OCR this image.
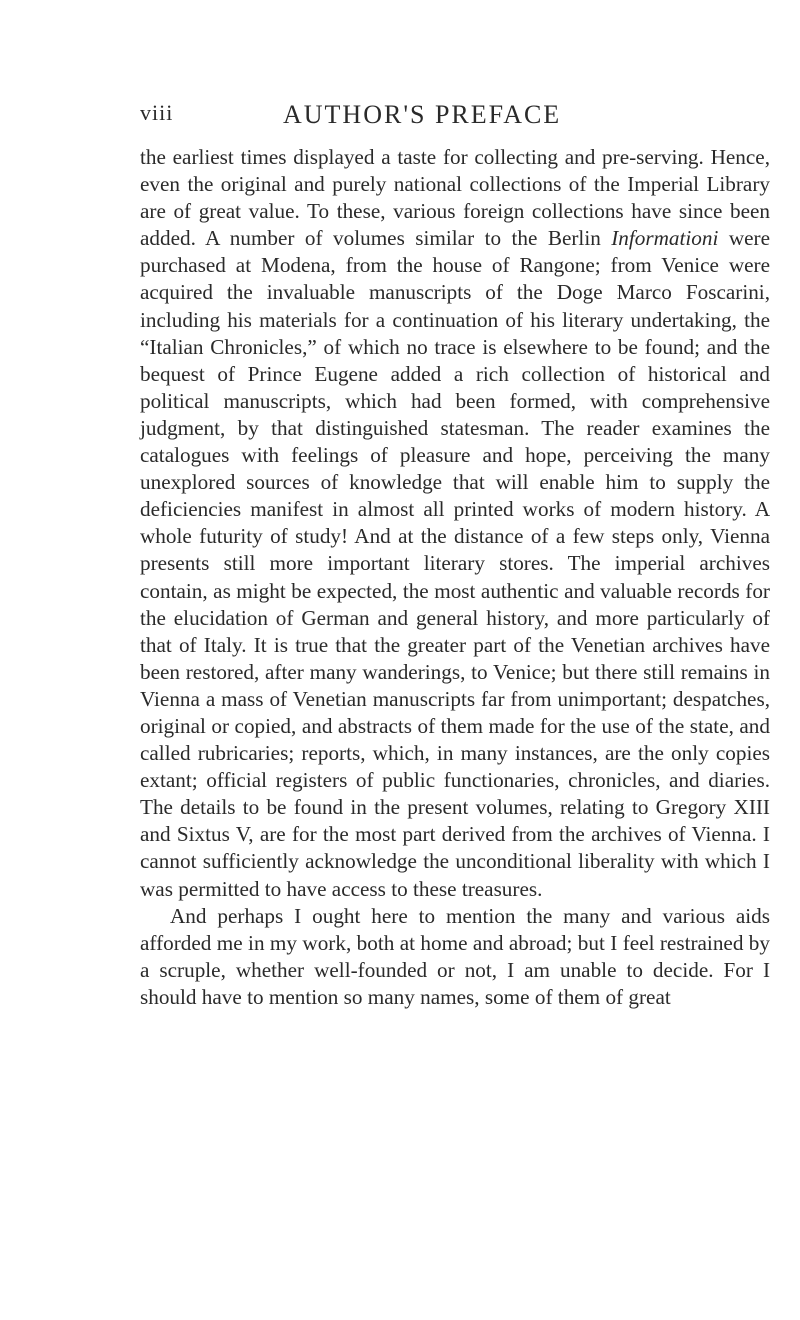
viii	AUTHOR'S PREFACE

the earliest times displayed a taste for collecting and pre-serving. Hence, even the original and purely national collections of the Imperial Library are of great value. To these, various foreign collections have since been added. A number of volumes similar to the Berlin Informationi were purchased at Modena, from the house of Rangone; from Venice were acquired the invaluable manuscripts of the Doge Marco Foscarini, including his materials for a continuation of his literary undertaking, the “Italian Chronicles,” of which no trace is elsewhere to be found; and the bequest of Prince Eugene added a rich collection of historical and political manuscripts, which had been formed, with comprehensive judgment, by that distinguished statesman. The reader examines the catalogues with feelings of pleasure and hope, perceiving the many unexplored sources of knowledge that will enable him to supply the deficiencies manifest in almost all printed works of modern history. A whole futurity of study! And at the distance of a few steps only, Vienna presents still more important literary stores. The imperial archives contain, as might be expected, the most authentic and valuable records for the elucidation of German and general history, and more particularly of that of Italy. It is true that the greater part of the Venetian archives have been restored, after many wanderings, to Venice; but there still remains in Vienna a mass of Venetian manuscripts far from unimportant; despatches, original or copied, and abstracts of them made for the use of the state, and called rubricaries; reports, which, in many instances, are the only copies extant; official registers of public functionaries, chronicles, and diaries. The details to be found in the present volumes, relating to Gregory XIII and Sixtus V, are for the most part derived from the archives of Vienna. I cannot sufficiently acknowledge the unconditional liberality with which I was permitted to have access to these treasures.

And perhaps I ought here to mention the many and various aids afforded me in my work, both at home and abroad; but I feel restrained by a scruple, whether well-founded or not, I am unable to decide. For I should have to mention so many names, some of them of great
